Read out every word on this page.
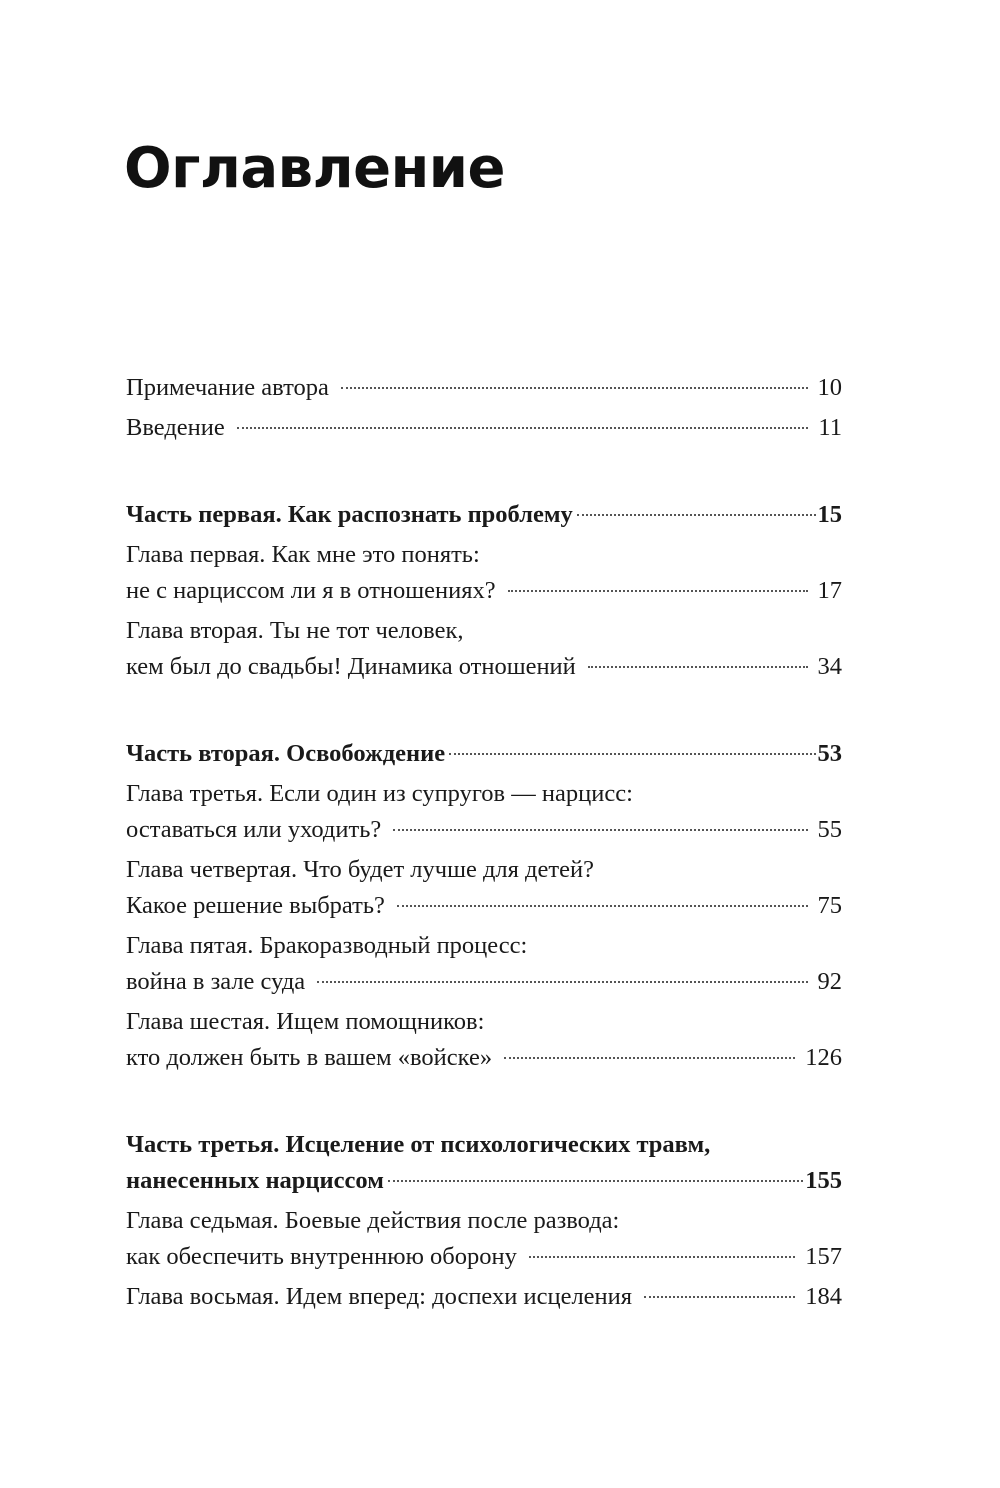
Оглавление
Примечание автора	10
Введение	11
Часть первая. Как распознать проблему	15
Глава первая. Как мне это понять:
не с нарциссом ли я в отношениях?	17
Глава вторая. Ты не тот человек,
кем был до свадьбы! Динамика отношений	34
Часть вторая. Освобождение	53
Глава третья. Если один из супругов — нарцисс:
оставаться или уходить?	55
Глава четвертая. Что будет лучше для детей?
Какое решение выбрать?	75
Глава пятая. Бракоразводный процесс:
война в зале суда	92
Глава шестая. Ищем помощников:
кто должен быть в вашем «войске»	126
Часть третья. Исцеление от психологических травм,
нанесенных нарциссом	155
Глава седьмая. Боевые действия после развода:
как обеспечить внутреннюю оборону	157
Глава восьмая. Идем вперед: доспехи исцеления	184
